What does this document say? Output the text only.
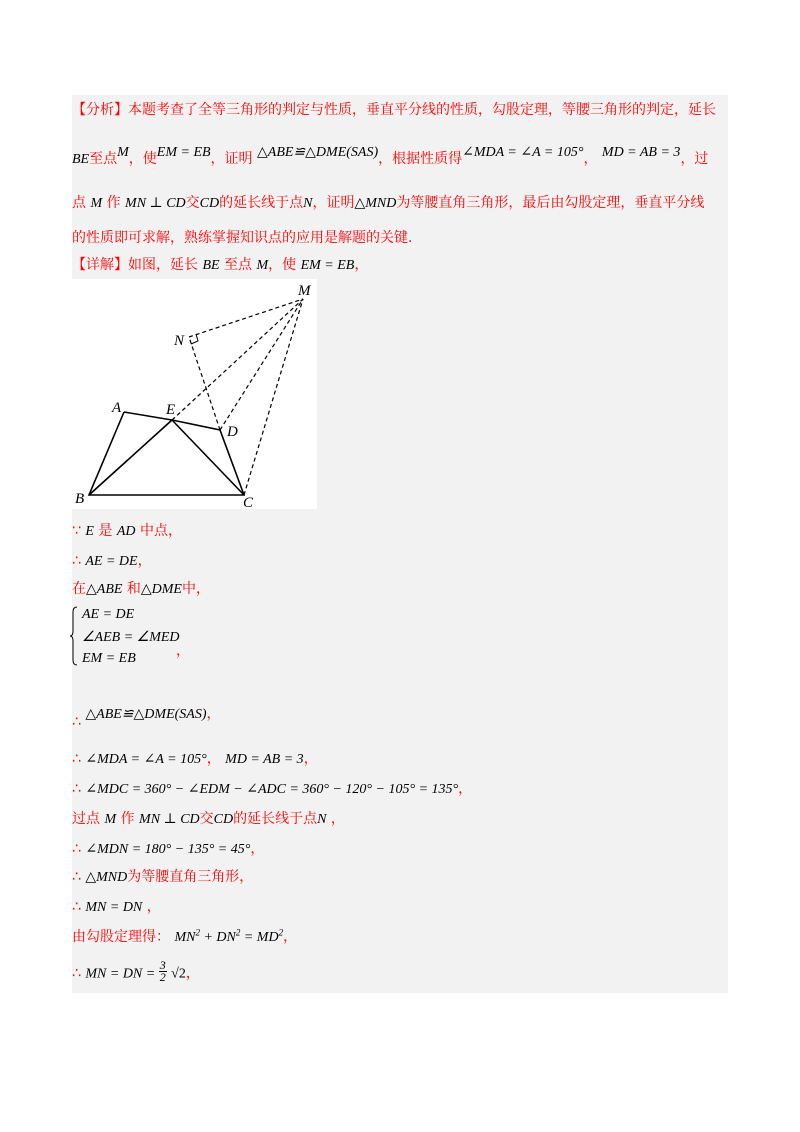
【分析】本题考查了全等三角形的判定与性质，垂直平分线的性质，勾股定理，等腰三角形的判定，延长
BE至点M，使EM = EB，证明 △ABE≌△DME(SAS)，根据性质得∠MDA = ∠A = 105°， MD = AB = 3，过
点 M 作 MN ⊥ CD交CD的延长线于点N，证明△MND为等腰直角三角形，最后由勾股定理，垂直平分线
的性质即可求解，熟练掌握知识点的应用是解题的关键.
【详解】如图，延长 BE 至点 M，使 EM = EB，
M
N
A	E
D
B	C
∵ E 是 AD 中点，
∴ AE = DE，
在△ABE 和△DME中，
AE = DE
∠AEB = ∠MED
EM = EB	，
∴ △ABE≌△DME(SAS)，
∴ ∠MDA = ∠A = 105°， MD = AB = 3，
∴ ∠MDC = 360° − ∠EDM − ∠ADC = 360° − 120° − 105° = 135°，
过点 M 作 MN ⊥ CD交CD的延长线于点N ，
∴ ∠MDN = 180° − 135° = 45°，
∴ △MND为等腰直角三角形，
∴ MN = DN ，
由勾股定理得： $MN^2 + DN^2 = MD^2$，
∴ MN = DN = $\frac{3}{2} √2$，
